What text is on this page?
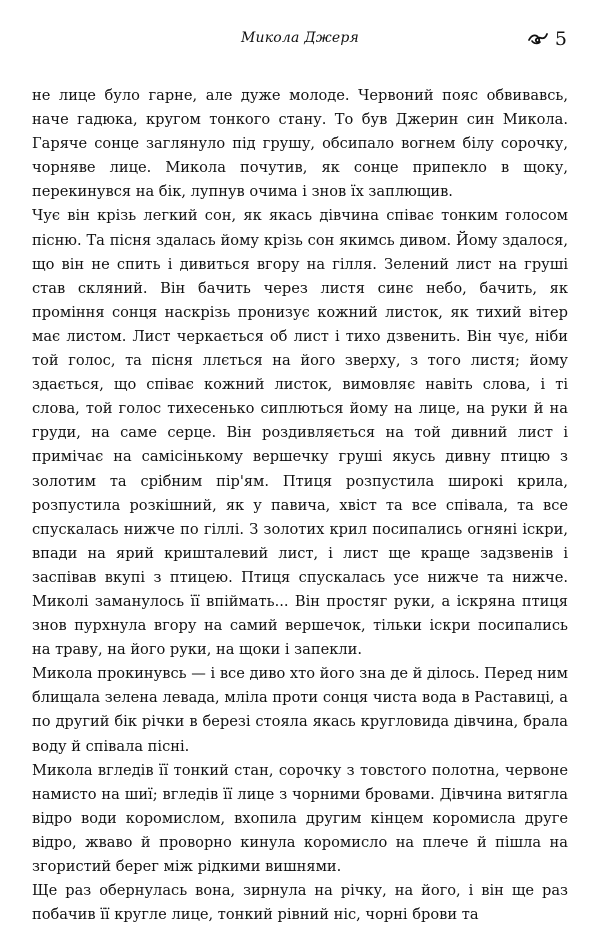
Микола Джеря	5

не лице було гарне, але дуже молоде. Червоний пояс обвивавсь, наче гадюка, кругом тонкого стану. То був Джерин син Микола. Гаряче сонце заглянуло під грушу, обсипало вогнем білу сорочку, чорняве лице. Микола почутив, як сонце припекло в щоку, перекинувся на бік, лупнув очима і знов їх заплющив.

Чує він крізь легкий сон, як якась дівчина співає тонким голосом пісню. Та пісня здалась йому крізь сон якимсь дивом. Йому здалося, що він не спить і дивиться вгору на гілля. Зелений лист на груші став скляний. Він бачить через листя синє небо, бачить, як проміння сонця наскрізь пронизує кожний листок, як тихий вітер має листом. Лист черкається об лист і тихо дзвенить. Він чує, ніби той голос, та пісня ллється на його зверху, з того листя; йому здається, що співає кожний листок, вимовляє навіть слова, і ті слова, той голос тихесенько сиплються йому на лице, на руки й на груди, на саме серце. Він роздивляється на той дивний лист і примічає на самісінькому вершечку груші якусь дивну птицю з золотим та срібним пір'ям. Птиця розпустила широкі крила, розпустила розкішний, як у павича, хвіст та все співала, та все спускалась нижче по гіллі. З золотих крил посипались огняні іскри, впади на ярий кришталевий лист, і лист ще краще задзвенів і заспівав вкупі з птицею. Птиця спускалась усе нижче та нижче. Миколі заманулось її впіймать... Він простяг руки, а іскряна птиця знов пурхнула вгору на самий вершечок, тільки іскри посипались на траву, на його руки, на щоки і запекли.

Микола прокинувсь — і все диво хто його зна де й ділось. Перед ним блищала зелена левада, мліла проти сонця чиста вода в Раставиці, а по другий бік річки в березі стояла якась кругловида дівчина, брала воду й співала пісні.

Микола вгледів її тонкий стан, сорочку з товстого полотна, червоне намисто на шиї; вгледів її лице з чорними бровами. Дівчина витягла відро води коромислом, вхопила другим кінцем коромисла друге відро, жваво й проворно кинула коромисло на плече й пішла на згористий берег між рідкими вишнями.

Ще раз обернулась вона, зирнула на річку, на його, і він ще раз побачив її кругле лице, тонкий рівний ніс, чорні брови та
